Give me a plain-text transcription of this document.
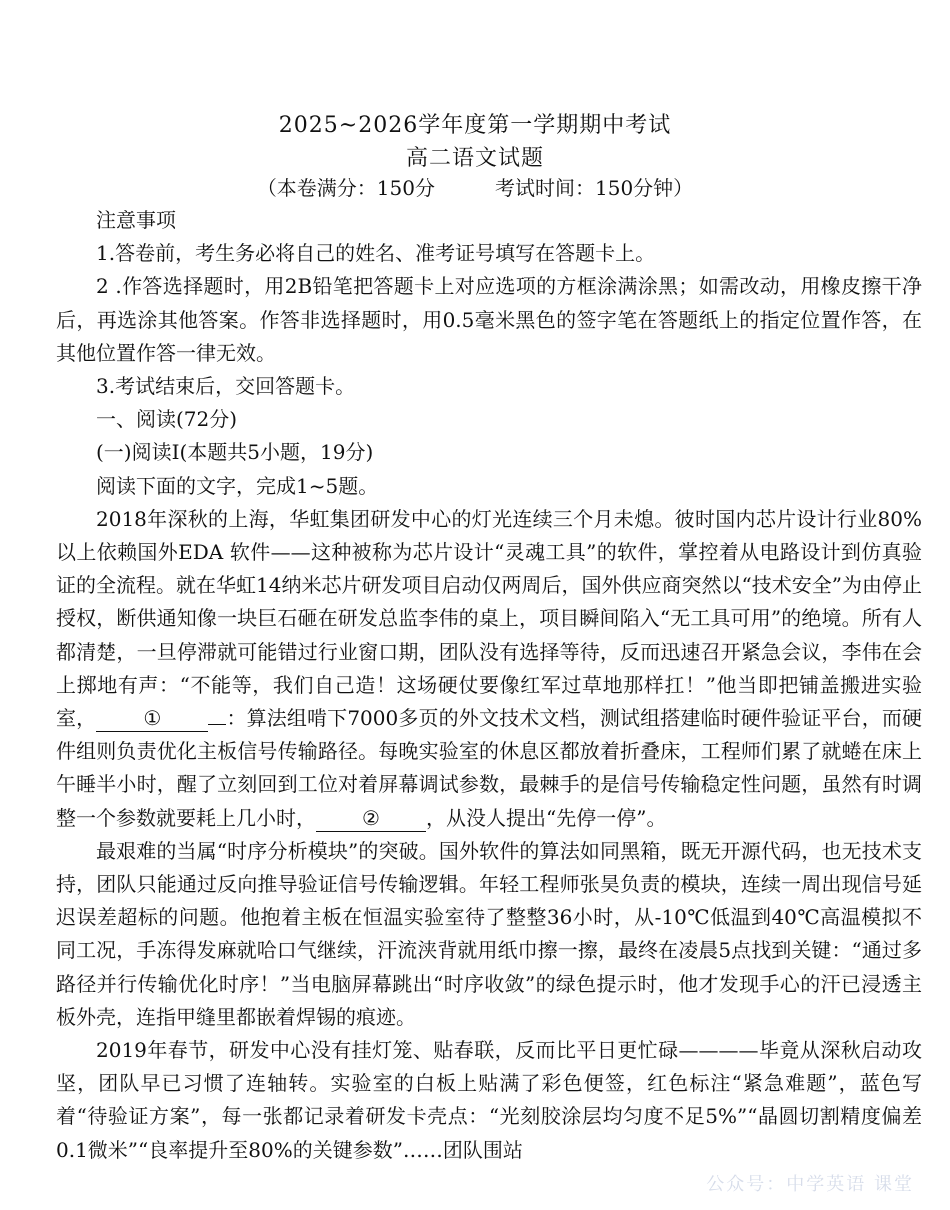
2025~2026学年度第一学期期中考试
高二语文试题
（本卷满分：150分	考试时间：150分钟）

注意事项

1.答卷前，考生务必将自己的姓名、准考证号填写在答题卡上。

2 .作答选择题时，用2B铅笔把答题卡上对应选项的方框涂满涂黑；如需改动，用橡皮擦干净后，再选涂其他答案。作答非选择题时，用0.5毫米黑色的签字笔在答题纸上的指定位置作答，在其他位置作答一律无效。

3.考试结束后，交回答题卡。

一、阅读(72分)

(一)阅读Ⅰ(本题共5小题，19分)

阅读下面的文字，完成1~5题。

2018年深秋的上海，华虹集团研发中心的灯光连续三个月未熄。彼时国内芯片设计行业80%以上依赖国外EDA 软件——这种被称为芯片设计“灵魂工具”的软件，掌控着从电路设计到仿真验证的全流程。就在华虹14纳米芯片研发项目启动仅两周后，国外供应商突然以“技术安全”为由停止授权，断供通知像一块巨石砸在研发总监李伟的桌上，项目瞬间陷入“无工具可用”的绝境。所有人都清楚，一旦停滞就可能错过行业窗口期，团队没有选择等待，反而迅速召开紧急会议，李伟在会上掷地有声：“不能等，我们自己造！这场硬仗要像红军过草地那样扛！”他当即把铺盖搬进实验室， ①	：算法组啃下7000多页的外文技术文档，测试组搭建临时硬件验证平台，而硬件组则负责优化主板信号传输路径。每晚实验室的休息区都放着折叠床，工程师们累了就蜷在床上午睡半小时，醒了立刻回到工位对着屏幕调试参数，最棘手的是信号传输稳定性问题，虽然有时调整一个参数就要耗上几小时， ② ，从没人提出“先停一停”。

最艰难的当属“时序分析模块”的突破。国外软件的算法如同黑箱，既无开源代码，也无技术支持，团队只能通过反向推导验证信号传输逻辑。年轻工程师张昊负责的模块，连续一周出现信号延迟误差超标的问题。他抱着主板在恒温实验室待了整整36小时，从-10℃低温到40℃高温模拟不同工况，手冻得发麻就哈口气继续，汗流浃背就用纸巾擦一擦，最终在凌晨5点找到关键：“通过多路径并行传输优化时序！”当电脑屏幕跳出“时序收敛”的绿色提示时，他才发现手心的汗已浸透主板外壳，连指甲缝里都嵌着焊锡的痕迹。

2019年春节，研发中心没有挂灯笼、贴春联，反而比平日更忙碌————毕竟从深秋启动攻坚，团队早已习惯了连轴转。实验室的白板上贴满了彩色便签，红色标注“紧急难题”，蓝色写着“待验证方案”，每一张都记录着研发卡壳点：“光刻胶涂层均匀度不足5%”“晶圆切割精度偏差0.1微米”“良率提升至80%的关键参数”……团队围站

公众号：中学英语 课堂
